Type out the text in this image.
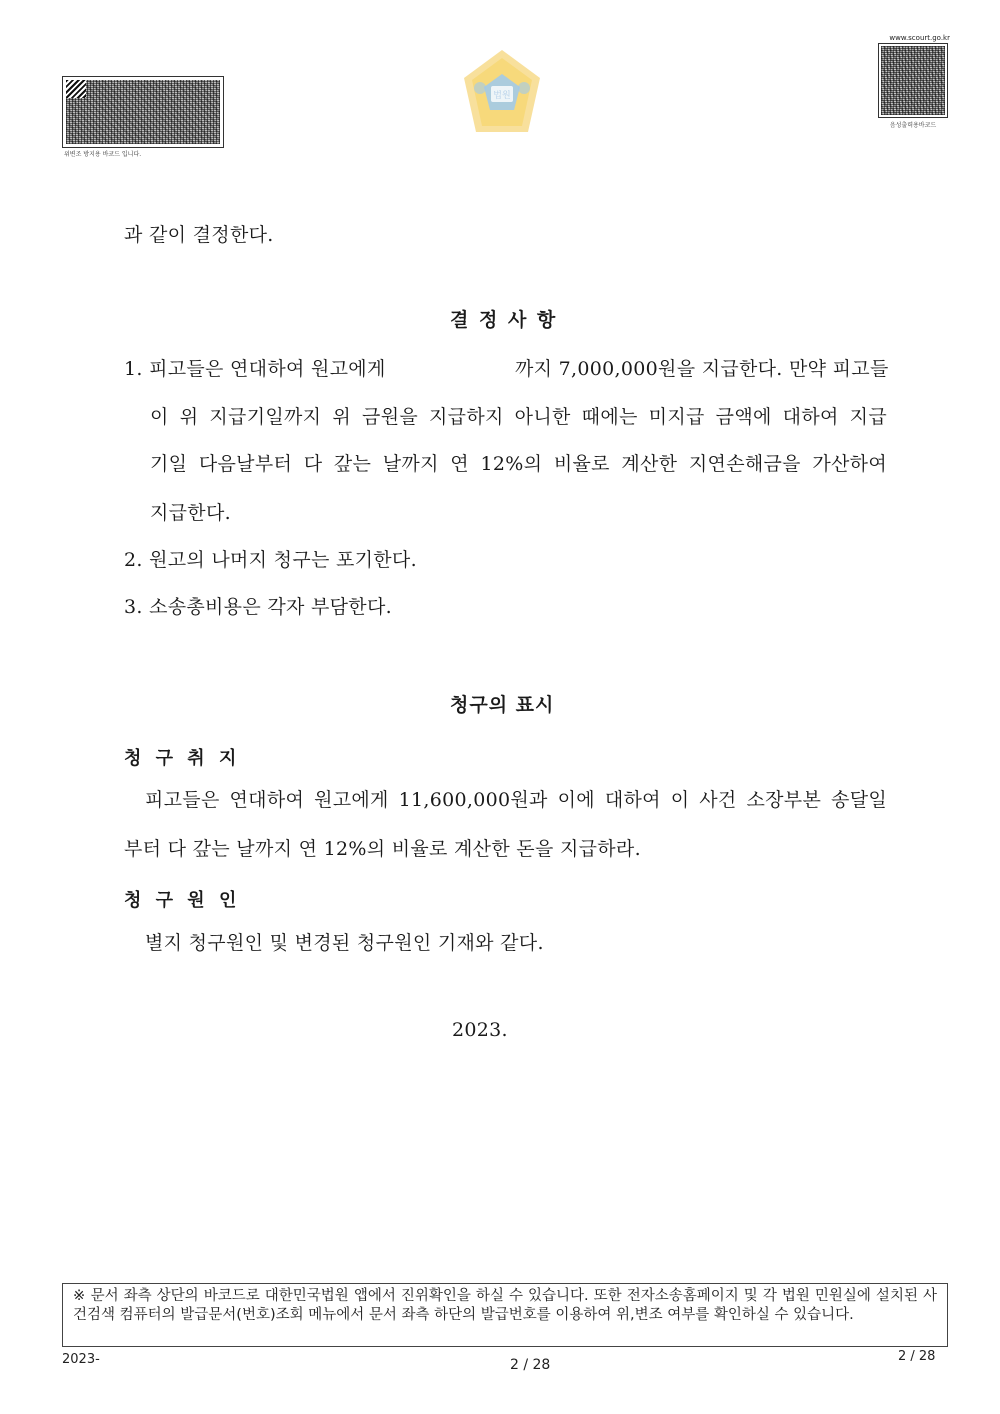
위변조 방지용 바코드 입니다.
www.scourt.go.kr
음성출력용바코드
법원
과 같이 결정한다.
결 정 사 항
1. 피고들은 연대하여 원고에게	까지 7,000,000원을 지급한다. 만약 피고들
이 위 지급기일까지 위 금원을 지급하지 아니한 때에는 미지급 금액에 대하여 지급
기일 다음날부터 다 갚는 날까지 연 12%의 비율로 계산한 지연손해금을 가산하여
지급한다.
2. 원고의 나머지 청구는 포기한다.
3. 소송총비용은 각자 부담한다.
청구의 표시
청 구 취 지
피고들은 연대하여 원고에게 11,600,000원과 이에 대하여 이 사건 소장부본 송달일
부터 다 갚는 날까지 연 12%의 비율로 계산한 돈을 지급하라.
청 구 원 인
별지 청구원인 및 변경된 청구원인 기재와 같다.
2023.
※ 문서 좌측 상단의 바코드로 대한민국법원 앱에서 진위확인을 하실 수 있습니다. 또한 전자소송홈페이지 및 각 법원 민원실에 설치된 사건검색 컴퓨터의 발급문서(번호)조회 메뉴에서 문서 좌측 하단의 발급번호를 이용하여 위,변조 여부를 확인하실 수 있습니다.
2023-	2 / 28
2 / 28
